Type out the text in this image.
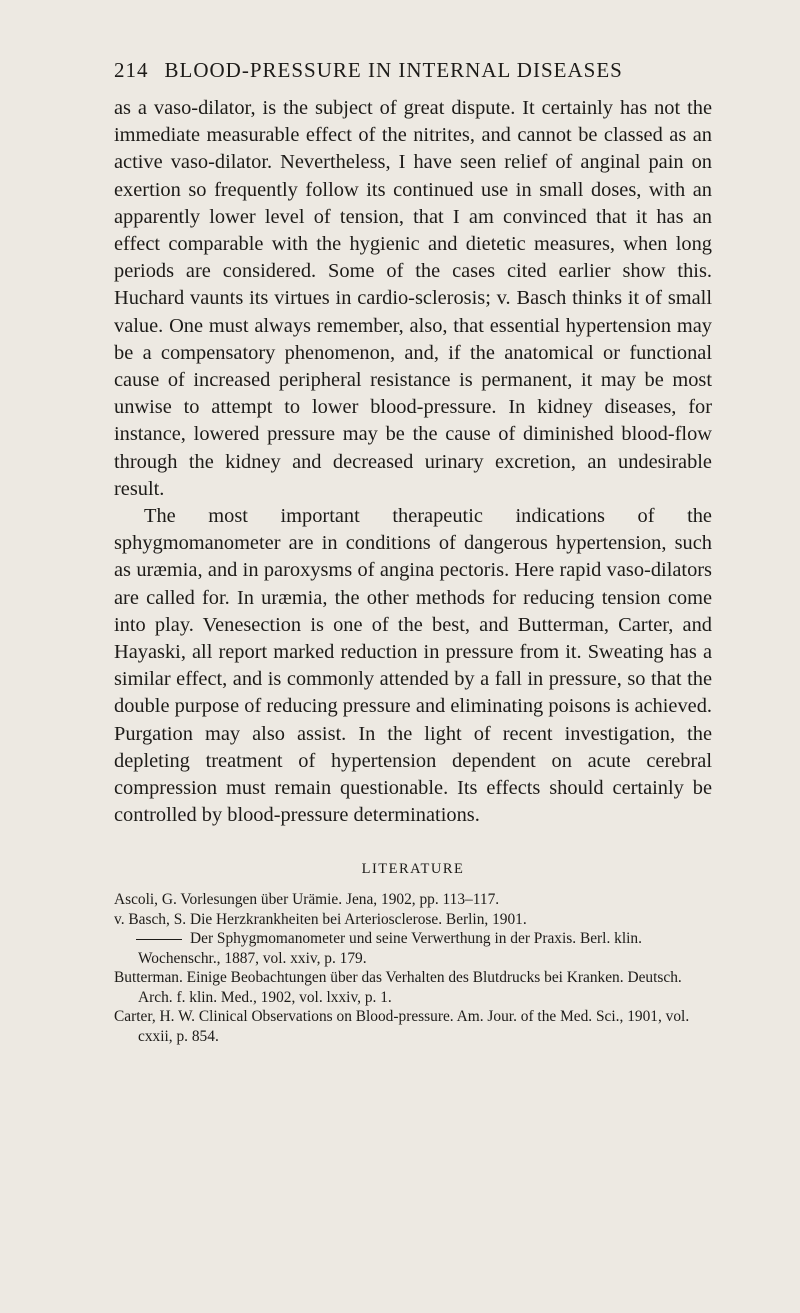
214 BLOOD-PRESSURE IN INTERNAL DISEASES

as a vaso-dilator, is the subject of great dispute. It certainly has not the immediate measurable effect of the nitrites, and cannot be classed as an active vaso-dilator. Nevertheless, I have seen relief of anginal pain on exertion so frequently follow its continued use in small doses, with an apparently lower level of tension, that I am convinced that it has an effect comparable with the hygienic and dietetic measures, when long periods are considered. Some of the cases cited earlier show this. Huchard vaunts its virtues in cardio-sclerosis; v. Basch thinks it of small value. One must always remember, also, that essential hypertension may be a compensatory phenomenon, and, if the anatomical or functional cause of increased peripheral resistance is permanent, it may be most unwise to attempt to lower blood-pressure. In kidney diseases, for instance, lowered pressure may be the cause of diminished blood-flow through the kidney and decreased urinary excretion, an undesirable result.

The most important therapeutic indications of the sphygmomanometer are in conditions of dangerous hypertension, such as uræmia, and in paroxysms of angina pectoris. Here rapid vaso-dilators are called for. In uræmia, the other methods for reducing tension come into play. Venesection is one of the best, and Butterman, Carter, and Hayaski, all report marked reduction in pressure from it. Sweating has a similar effect, and is commonly attended by a fall in pressure, so that the double purpose of reducing pressure and eliminating poisons is achieved. Purgation may also assist. In the light of recent investigation, the depleting treatment of hypertension dependent on acute cerebral compression must remain questionable. Its effects should certainly be controlled by blood-pressure determinations.

LITERATURE

Ascoli, G. Vorlesungen über Urämie. Jena, 1902, pp. 113–117.

v. Basch, S. Die Herzkrankheiten bei Arteriosclerose. Berlin, 1901.

Der Sphygmomanometer und seine Verwerthung in der Praxis. Berl. klin. Wochenschr., 1887, vol. xxiv, p. 179.

Butterman. Einige Beobachtungen über das Verhalten des Blutdrucks bei Kranken. Deutsch. Arch. f. klin. Med., 1902, vol. lxxiv, p. 1.

Carter, H. W. Clinical Observations on Blood-pressure. Am. Jour. of the Med. Sci., 1901, vol. cxxii, p. 854.
